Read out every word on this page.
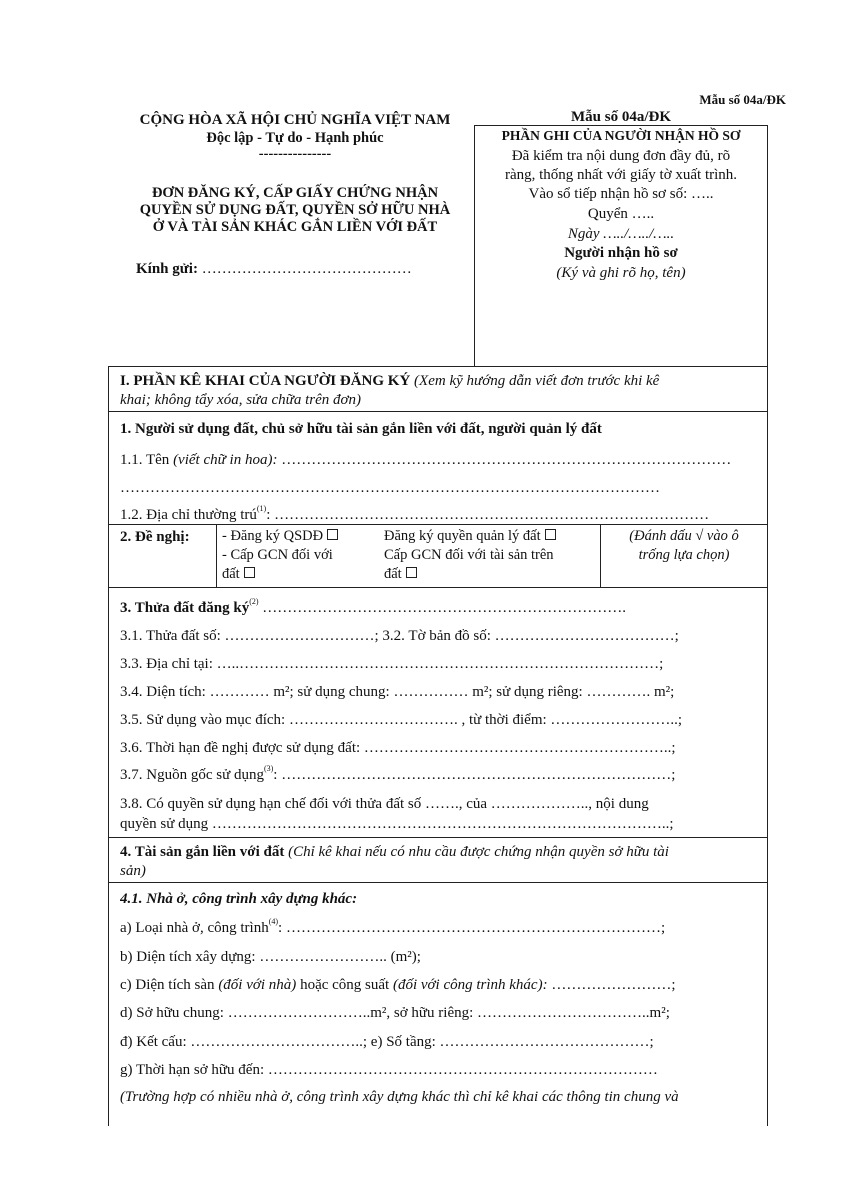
Mẫu số 04a/ĐK
CỘNG HÒA XÃ HỘI CHỦ NGHĨA VIỆT NAM
Độc lập - Tự do - Hạnh phúc
---------------
ĐƠN ĐĂNG KÝ, CẤP GIẤY CHỨNG NHẬN
QUYỀN SỬ DỤNG ĐẤT, QUYỀN SỞ HỮU NHÀ
Ở VÀ TÀI SẢN KHÁC GẮN LIỀN VỚI ĐẤT
Kính gửi: ……………………………………
Mẫu số 04a/ĐK
PHẦN GHI CỦA NGƯỜI NHẬN HỒ SƠ
Đã kiểm tra nội dung đơn đầy đủ, rõ
ràng, thống nhất với giấy tờ xuất trình.
Vào sổ tiếp nhận hồ sơ số: …..
Quyển …..
Ngày …../…../…..
Người nhận hồ sơ
(Ký và ghi rõ họ, tên)
I. PHẦN KÊ KHAI CỦA NGƯỜI ĐĂNG KÝ (Xem kỹ hướng dẫn viết đơn trước khi kê
khai; không tẩy xóa, sửa chữa trên đơn)
1. Người sử dụng đất, chủ sở hữu tài sản gắn liền với đất, người quản lý đất
1.1. Tên (viết chữ in hoa): ………………………………………………………………………………
………………………………………………………………………………………………
1.2. Địa chỉ thường trú$^{(1)}$: ……………………………………………………………………………
2. Đề nghị: - Đăng ký QSDĐ
- Cấp GCN đối với
đất
Đăng ký quyền quản lý đất
Cấp GCN đối với tài sản trên
đất
(Đánh dấu √ vào ô
trống lựa chọn)
3. Thửa đất đăng $ký^{(2)}$ ……………………………………………………………….
3.1. Thửa đất số: …………………………; 3.2. Tờ bản đồ số: ………………………………;
3.3. Địa chỉ tại: …..…………………………………………………………………………;
3.4. Diện tích: ………… m²; sử dụng chung: …………… m²; sử dụng riêng: …………. m²;
3.5. Sử dụng vào mục đích: ……………………………. , từ thời điểm: ……………………..;
3.6. Thời hạn đề nghị được sử dụng đất: ……………………………………………………..;
3.7. Nguồn gốc sử dụng$^{(3)}$: ……………………………………………………………………;
3.8. Có quyền sử dụng hạn chế đối với thửa đất số ……., của ……………….., nội dung
quyền sử dụng ………………………………………………………………………………..;
4. Tài sản gắn liền với đất (Chỉ kê khai nếu có nhu cầu được chứng nhận quyền sở hữu tài
sản)
4.1. Nhà ở, công trình xây dựng khác:
a) Loại nhà ở, công trình$^{(4)}$: …………………………………………………………………;
b) Diện tích xây dựng: …………………….. (m²);
c) Diện tích sàn (đối với nhà) hoặc công suất (đối với công trình khác): ……………………;
d) Sở hữu chung: ………………………..m², sở hữu riêng: ……………………………..m²;
đ) Kết cấu: ……………………………..; e) Số tầng: ……………………………………;
g) Thời hạn sở hữu đến: ……………………………………………………………………
(Trường hợp có nhiều nhà ở, công trình xây dựng khác thì chỉ kê khai các thông tin chung và
